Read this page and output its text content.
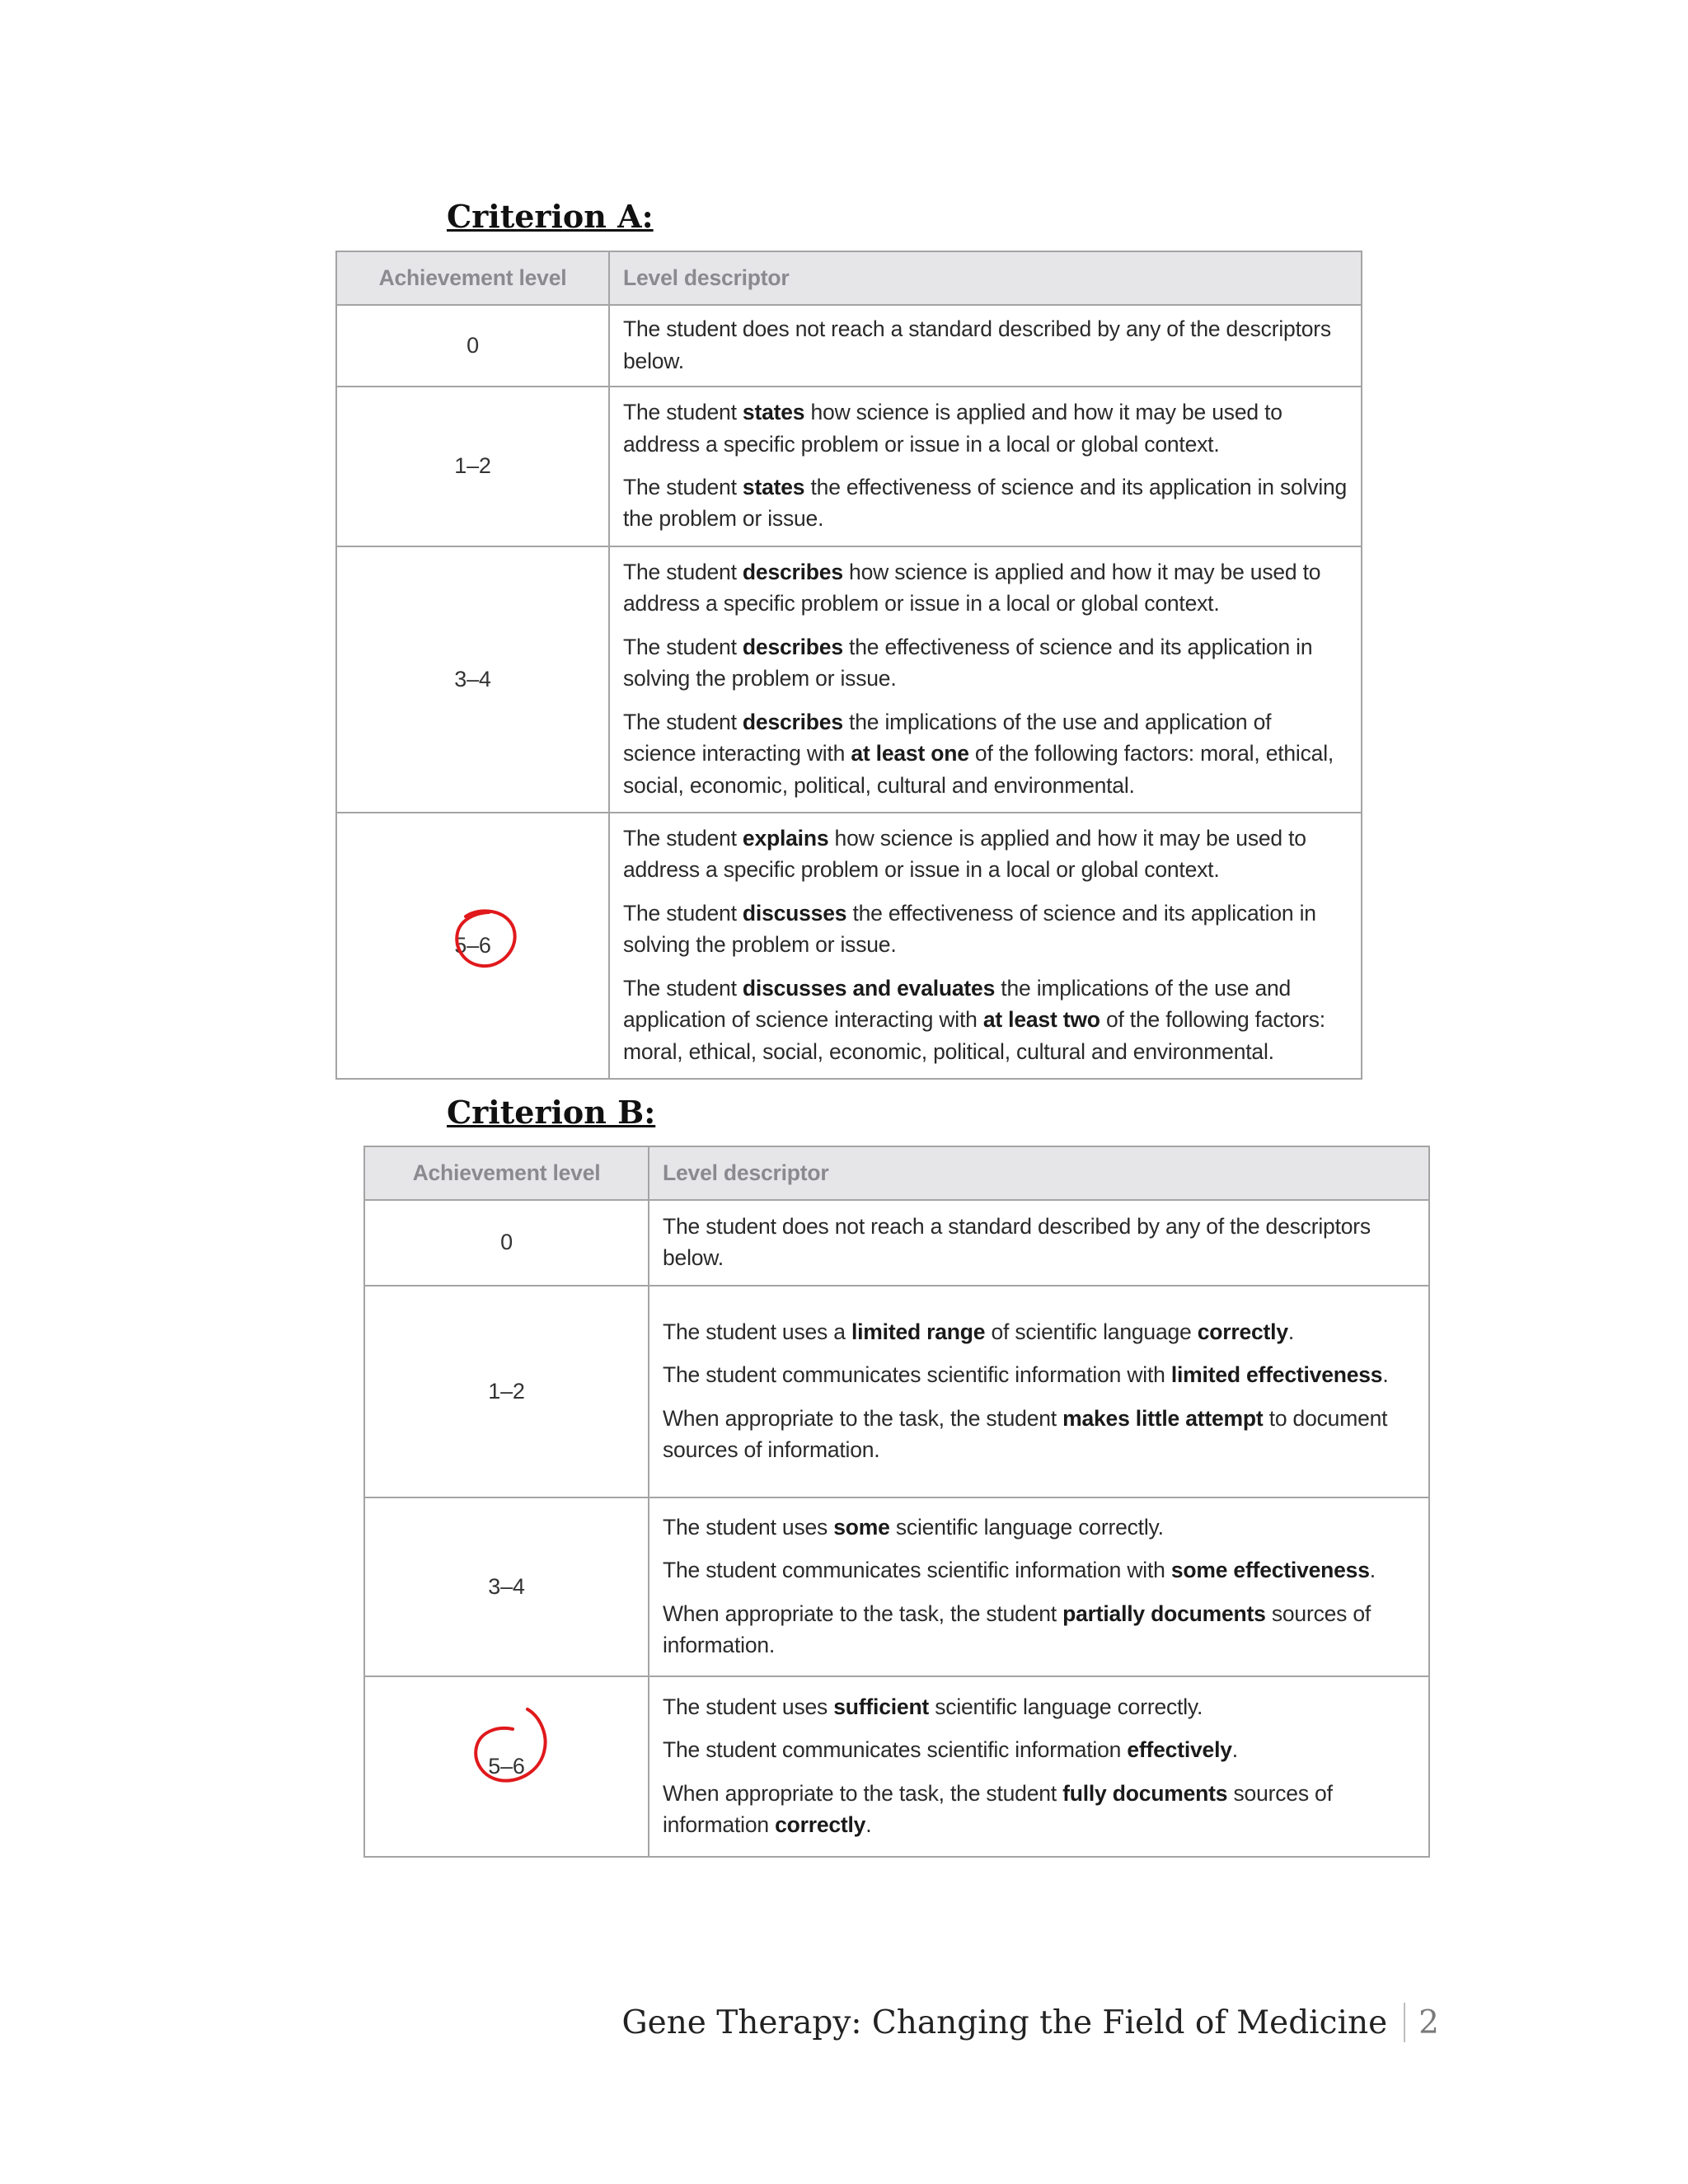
Criterion A:
Achievement level	Level descriptor
0	The student does not reach a standard described by any of the descriptors below.

1–2	The student states how science is applied and how it may be used to address a specific problem or issue in a local or global context.

The student states the effectiveness of science and its application in solving the problem or issue.

3–4	The student describes how science is applied and how it may be used to address a specific problem or issue in a local or global context.

The student describes the effectiveness of science and its application in solving the problem or issue.

The student describes the implications of the use and application of science interacting with at least one of the following factors: moral, ethical, social, economic, political, cultural and environmental.

5–6	The student explains how science is applied and how it may be used to address a specific problem or issue in a local or global context.

The student discusses the effectiveness of science and its application in solving the problem or issue.

The student discusses and evaluates the implications of the use and application of science interacting with at least two of the following factors: moral, ethical, social, economic, political, cultural and environmental.

Criterion B:
Achievement level	Level descriptor
0	The student does not reach a standard described by any of the descriptors below.

1–2	The student uses a limited range of scientific language correctly.

The student communicates scientific information with limited effectiveness.

When appropriate to the task, the student makes little attempt to document sources of information.

3–4	The student uses some scientific language correctly.

The student communicates scientific information with some effectiveness.

When appropriate to the task, the student partially documents sources of information.

5–6	The student uses sufficient scientific language correctly.

The student communicates scientific information effectively.

When appropriate to the task, the student fully documents sources of information correctly.

Gene Therapy: Changing the Field of Medicine 2
